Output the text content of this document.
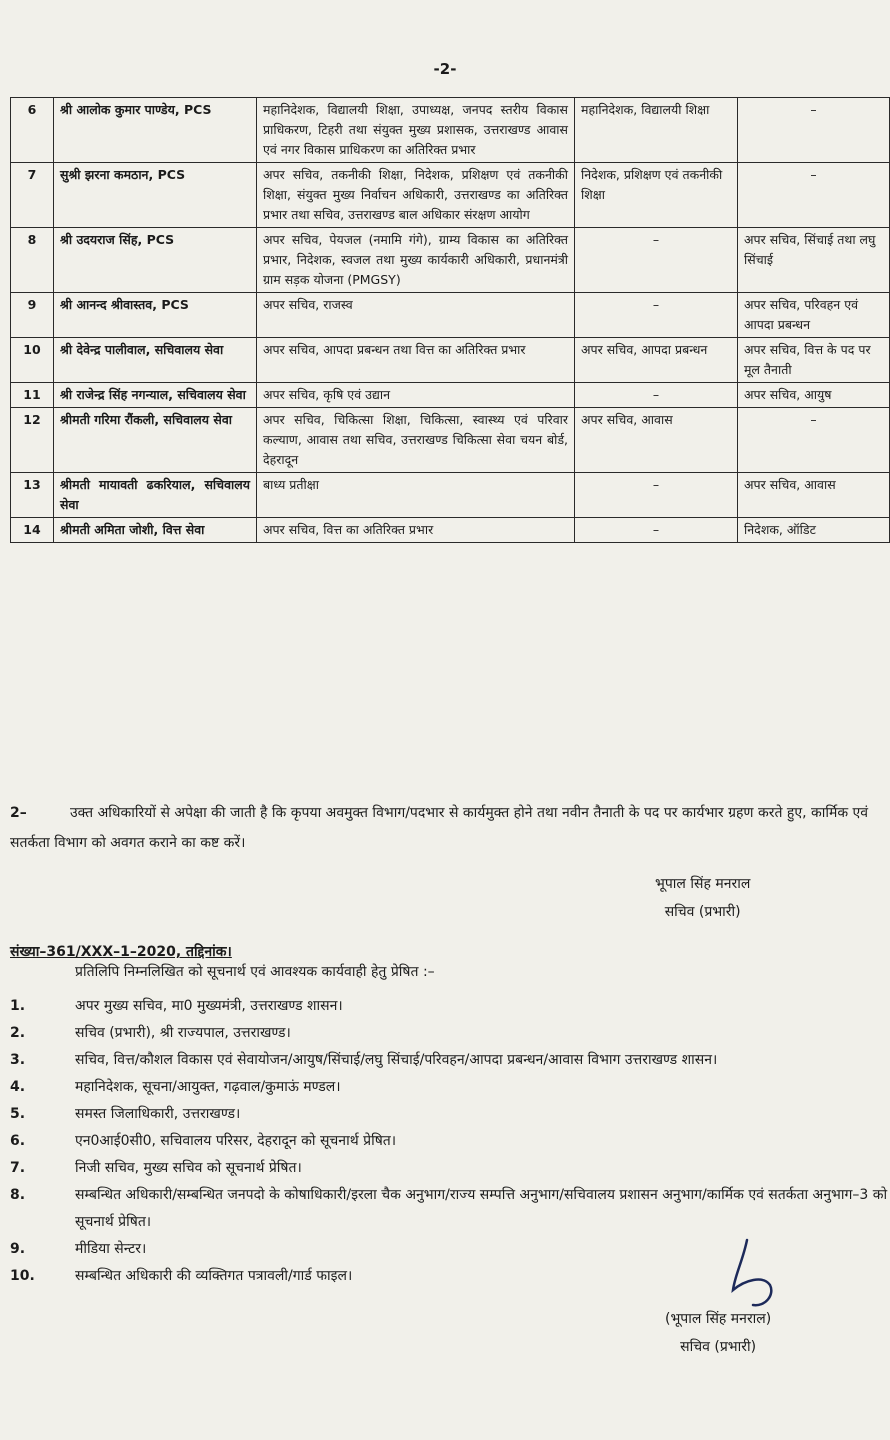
-2-
6	श्री आलोक कुमार पाण्डेय, PCS	महानिदेशक, विद्यालयी शिक्षा, उपाध्यक्ष, जनपद स्तरीय विकास प्राधिकरण, टिहरी तथा संयुक्त मुख्य प्रशासक, उत्तराखण्ड आवास एवं नगर विकास प्राधिकरण का अतिरिक्त प्रभार	महानिदेशक, विद्यालयी शिक्षा	–
7	सुश्री झरना कमठान, PCS	अपर सचिव, तकनीकी शिक्षा, निदेशक, प्रशिक्षण एवं तकनीकी शिक्षा, संयुक्त मुख्य निर्वाचन अधिकारी, उत्तराखण्ड का अतिरिक्त प्रभार तथा सचिव, उत्तराखण्ड बाल अधिकार संरक्षण आयोग	निदेशक, प्रशिक्षण एवं तकनीकी शिक्षा	–
8	श्री उदयराज सिंह, PCS	अपर सचिव, पेयजल (नमामि गंगे), ग्राम्य विकास का अतिरिक्त प्रभार, निदेशक, स्वजल तथा मुख्य कार्यकारी अधिकारी, प्रधानमंत्री ग्राम सड़क योजना (PMGSY)	–	अपर सचिव, सिंचाई तथा लघु सिंचाई
9	श्री आनन्द श्रीवास्तव, PCS	अपर सचिव, राजस्व	–	अपर सचिव, परिवहन एवं आपदा प्रबन्धन
10	श्री देवेन्द्र पालीवाल, सचिवालय सेवा	अपर सचिव, आपदा प्रबन्धन तथा वित्त का अतिरिक्त प्रभार	अपर सचिव, आपदा प्रबन्धन	अपर सचिव, वित्त के पद पर मूल तैनाती
11	श्री राजेन्द्र सिंह नगन्याल, सचिवालय सेवा	अपर सचिव, कृषि एवं उद्यान	–	अपर सचिव, आयुष
12	श्रीमती गरिमा रौंकली, सचिवालय सेवा	अपर सचिव, चिकित्सा शिक्षा, चिकित्सा, स्वास्थ्य एवं परिवार कल्याण, आवास तथा सचिव, उत्तराखण्ड चिकित्सा सेवा चयन बोर्ड, देहरादून	अपर सचिव, आवास	–
13	श्रीमती मायावती ढकरियाल, सचिवालय सेवा	बाध्य प्रतीक्षा	–	अपर सचिव, आवास
14	श्रीमती अमिता जोशी, वित्त सेवा	अपर सचिव, वित्त का अतिरिक्त प्रभार	–	निदेशक, ऑडिट
2–	उक्त अधिकारियों से अपेक्षा की जाती है कि कृपया अवमुक्त विभाग/पदभार से कार्यमुक्त होने तथा नवीन तैनाती के पद पर कार्यभार ग्रहण करते हुए, कार्मिक एवं सतर्कता विभाग को अवगत कराने का कष्ट करें।
भूपाल सिंह मनराल
सचिव (प्रभारी)
संख्या–361/XXX–1–2020, तद्दिनांक।
प्रतिलिपि निम्नलिखित को सूचनार्थ एवं आवश्यक कार्यवाही हेतु प्रेषित :–
1.	अपर मुख्य सचिव, मा0 मुख्यमंत्री, उत्तराखण्ड शासन।
2.	सचिव (प्रभारी), श्री राज्यपाल, उत्तराखण्ड।
3.	सचिव, वित्त/कौशल विकास एवं सेवायोजन/आयुष/सिंचाई/लघु सिंचाई/परिवहन/आपदा प्रबन्धन/आवास विभाग उत्तराखण्ड शासन।
4.	महानिदेशक, सूचना/आयुक्त, गढ़वाल/कुमाऊं मण्डल।
5.	समस्त जिलाधिकारी, उत्तराखण्ड।
6.	एन0आई0सी0, सचिवालय परिसर, देहरादून को सूचनार्थ प्रेषित।
7.	निजी सचिव, मुख्य सचिव को सूचनार्थ प्रेषित।
8.	सम्बन्धित अधिकारी/सम्बन्धित जनपदो के कोषाधिकारी/इरला चैक अनुभाग/राज्य सम्पत्ति अनुभाग/सचिवालय प्रशासन अनुभाग/कार्मिक एवं सतर्कता अनुभाग–3 को सूचनार्थ प्रेषित।
9.	मीडिया सेन्टर।
10.	सम्बन्धित अधिकारी की व्यक्तिगत पत्रावली/गार्ड फाइल।
(भूपाल सिंह मनराल)
सचिव (प्रभारी)
